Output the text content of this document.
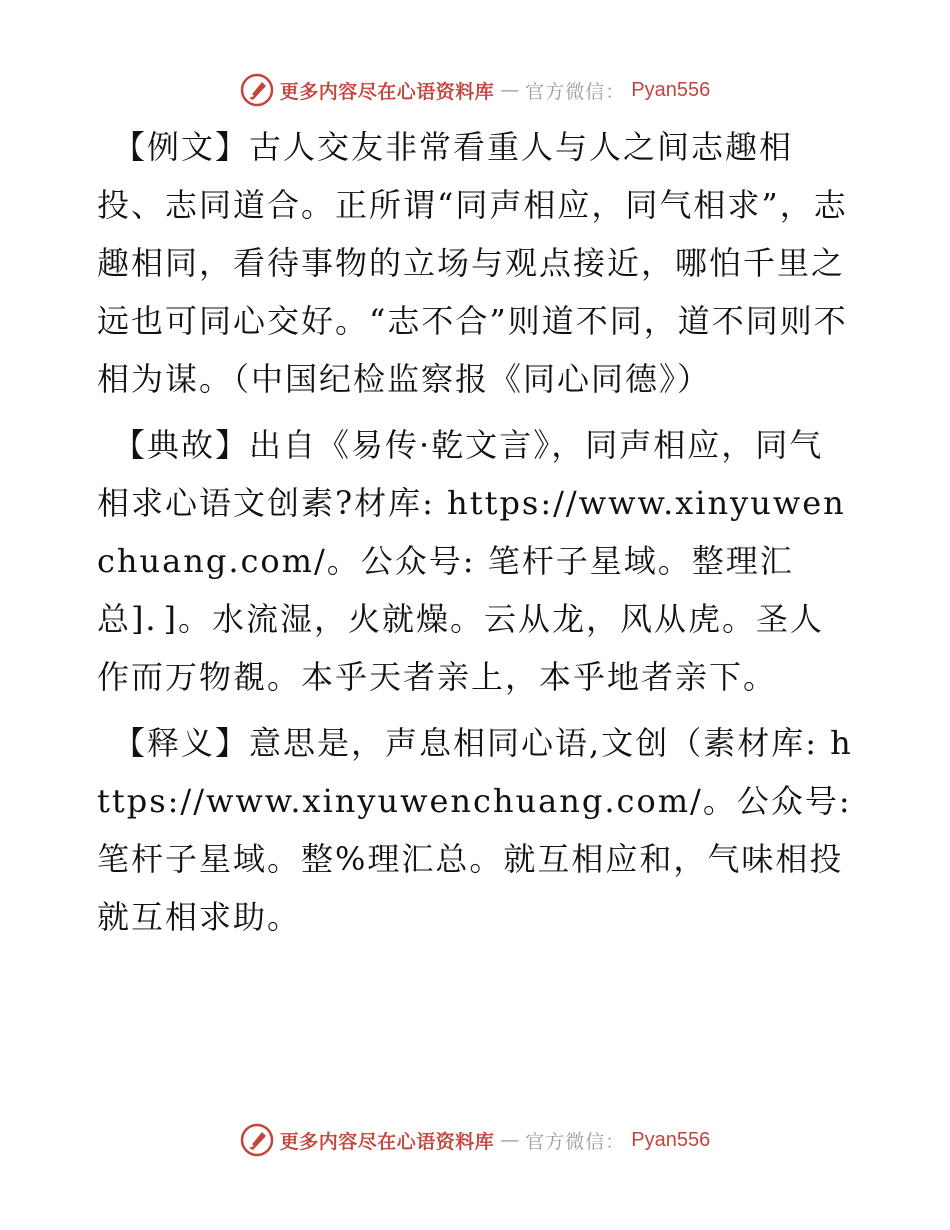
更多内容尽在心语资料库 — 官方微信： Pyan556

【例文】古人交友非常看重人与人之间志趣相投、志同道合。正所谓“同声相应，同气相求”，志趣相同，看待事物的立场与观点接近，哪怕千里之远也可同心交好。“志不合”则道不同，道不同则不相为谋。（中国纪检监察报《同心同德》）

【典故】出自《易传·乾文言》，同声相应，同气相求心语文创素?材库: https://www.xinyuwenchuang.com/。公众号: 笔杆子星域。整理汇总]．]。水流湿，火就燥。云从龙，风从虎。圣人作而万物覩。本乎天者亲上，本乎地者亲下。

【释义】意思是，声息相同心语,文创（素材库: https://www.xinyuwenchuang.com/。公众号: 笔杆子星域。整%理汇总。就互相应和，气味相投就互相求助。

更多内容尽在心语资料库 — 官方微信： Pyan556
